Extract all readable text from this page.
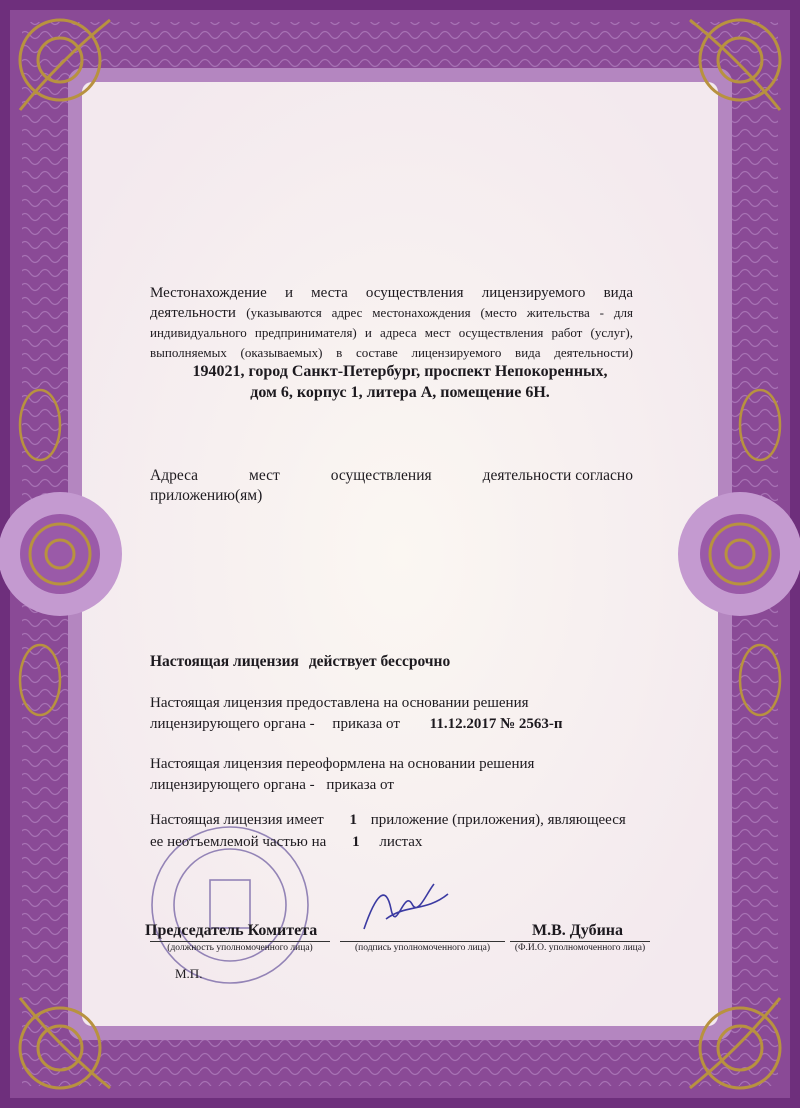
Местонахождение и места осуществления лицензируемого вида деятельности (указываются адрес местонахождения (место жительства - для индивидуального предпринимателя) и адреса мест осуществления работ (услуг), выполняемых (оказываемых) в составе лицензируемого вида деятельности)
194021, город Санкт-Петербург, проспект Непокоренных,
дом 6, корпус 1, литера А, помещение 6Н.
Адреса	мест	осуществления	деятельности согласно
приложению(ям)
Настоящая лицензия действует бессрочно
Настоящая лицензия предоставлена на основании решения
лицензирующего органа - приказа от 11.12.2017 № 2563-п
Настоящая лицензия переоформлена на основании решения
лицензирующего органа - приказа от
Настоящая лицензия имеет 1 приложение (приложения), являющееся
ее неотъемлемой частью на 1 листах
Председатель Комитета	М.В. Дубина
(должность уполномоченного лица)	(подпись уполномоченного лица)	(Ф.И.О. уполномоченного лица)
М.П.
